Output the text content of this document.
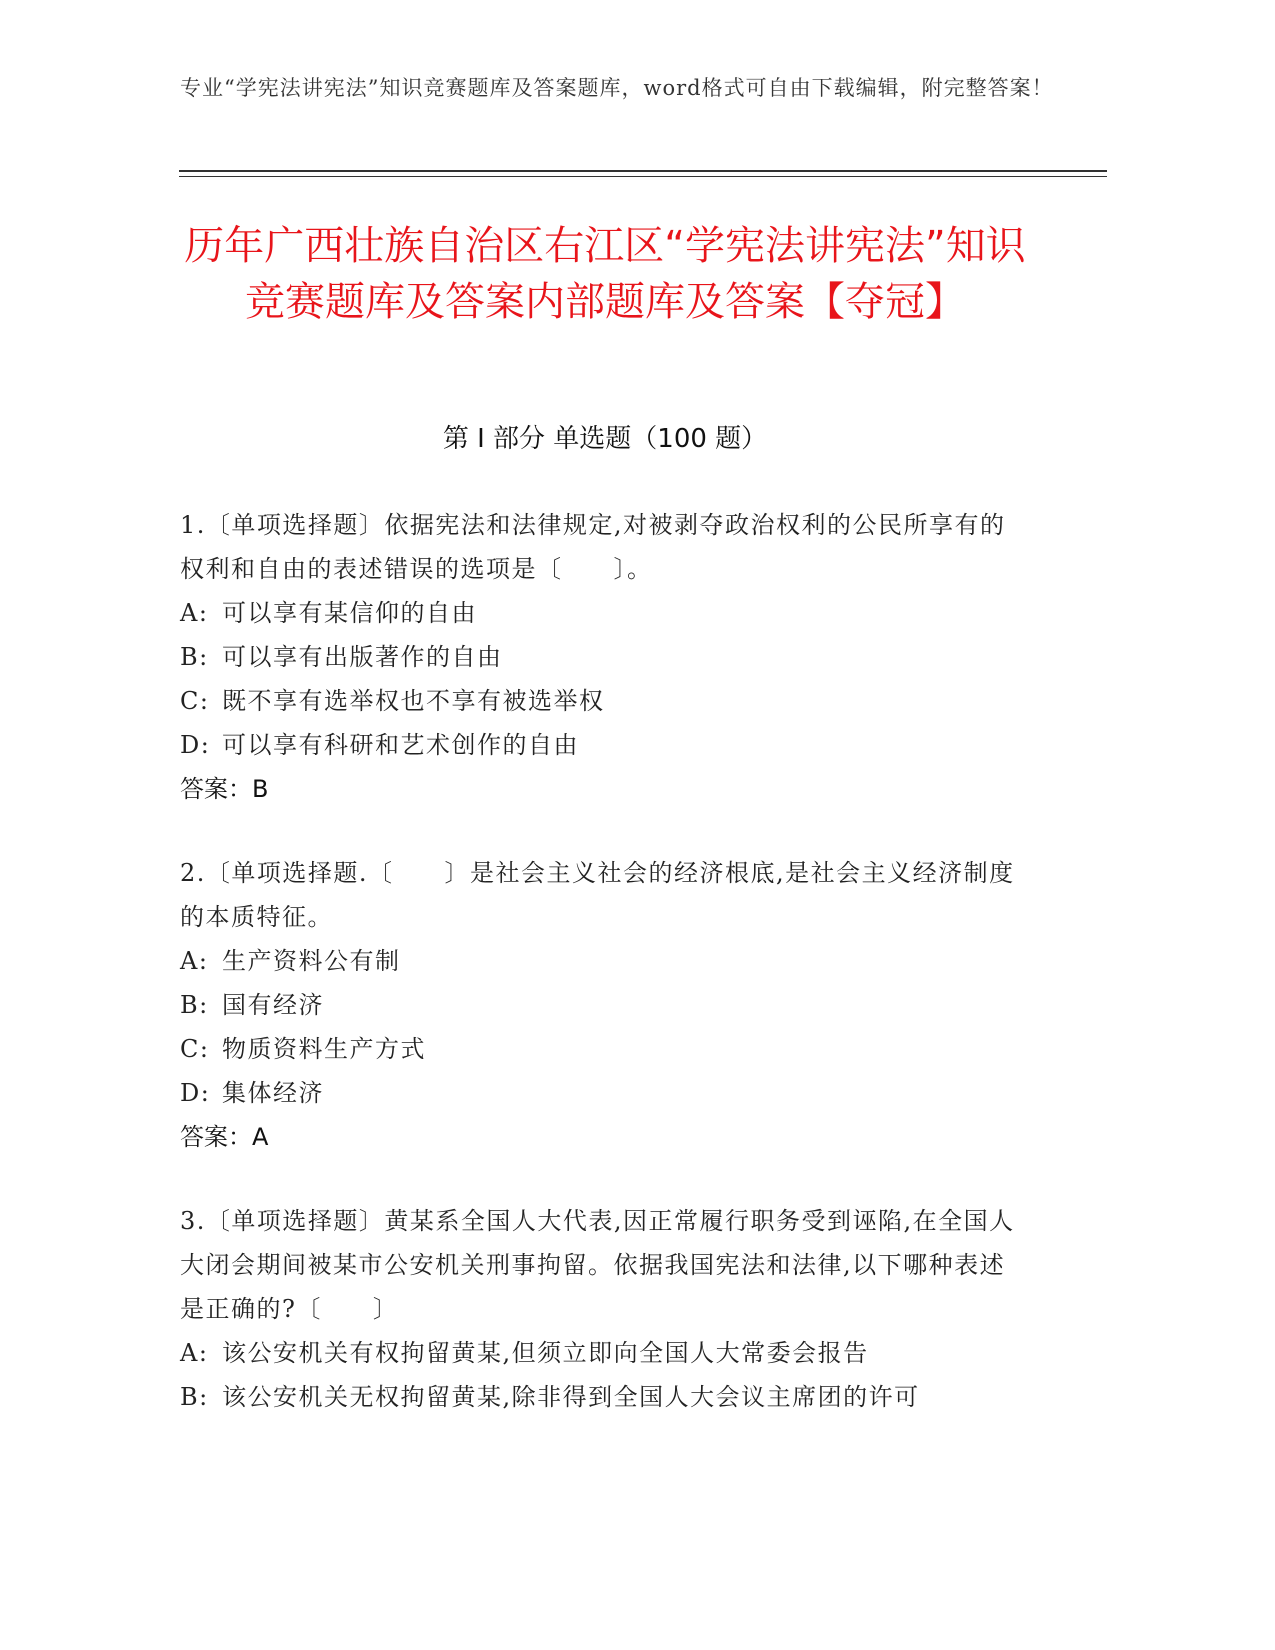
专业“学宪法讲宪法”知识竞赛题库及答案题库，word格式可自由下载编辑，附完整答案！
历年广西壮族自治区右江区“学宪法讲宪法”知识竞赛题库及答案内部题库及答案【夺冠】
第 I 部分 单选题（100 题）
1.〔单项选择题〕依据宪法和法律规定,对被剥夺政治权利的公民所享有的权利和自由的表述错误的选项是〔　　〕。
A: 可以享有某信仰的自由
B: 可以享有出版著作的自由
C: 既不享有选举权也不享有被选举权
D: 可以享有科研和艺术创作的自由
答案：B
2.〔单项选择题.〔　　〕是社会主义社会的经济根底,是社会主义经济制度的本质特征。
A: 生产资料公有制
B: 国有经济
C: 物质资料生产方式
D: 集体经济
答案：A
3.〔单项选择题〕黄某系全国人大代表,因正常履行职务受到诬陷,在全国人大闭会期间被某市公安机关刑事拘留。依据我国宪法和法律,以下哪种表述是正确的?〔　　〕
A: 该公安机关有权拘留黄某,但须立即向全国人大常委会报告
B: 该公安机关无权拘留黄某,除非得到全国人大会议主席团的许可
